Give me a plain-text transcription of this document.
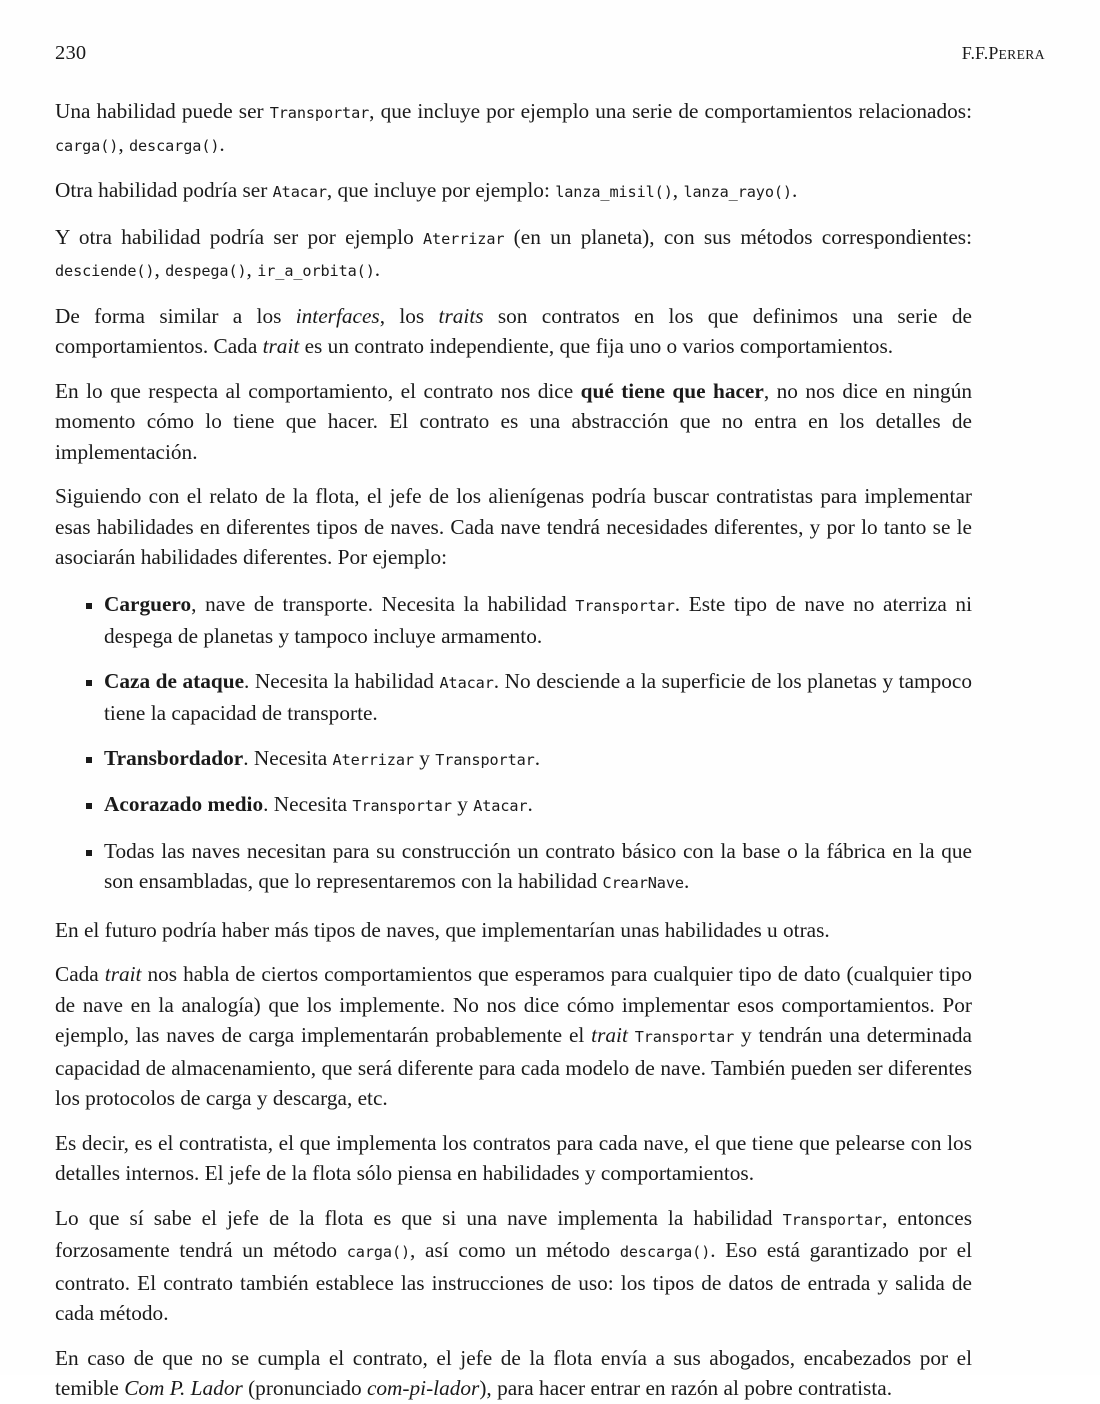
230	F.F.PERERA

Una habilidad puede ser Transportar, que incluye por ejemplo una serie de comportamientos relacionados: carga(), descarga().

Otra habilidad podría ser Atacar, que incluye por ejemplo: lanza_misil(), lanza_rayo().

Y otra habilidad podría ser por ejemplo Aterrizar (en un planeta), con sus métodos correspondientes: desciende(), despega(), ir_a_orbita().

De forma similar a los interfaces, los traits son contratos en los que definimos una serie de comportamientos. Cada trait es un contrato independiente, que fija uno o varios comportamientos.

En lo que respecta al comportamiento, el contrato nos dice qué tiene que hacer, no nos dice en ningún momento cómo lo tiene que hacer. El contrato es una abstracción que no entra en los detalles de implementación.

Siguiendo con el relato de la flota, el jefe de los alienígenas podría buscar contratistas para implementar esas habilidades en diferentes tipos de naves. Cada nave tendrá necesidades diferentes, y por lo tanto se le asociarán habilidades diferentes. Por ejemplo:

Carguero, nave de transporte. Necesita la habilidad Transportar. Este tipo de nave no aterriza ni despega de planetas y tampoco incluye armamento.
Caza de ataque. Necesita la habilidad Atacar. No desciende a la superficie de los planetas y tampoco tiene la capacidad de transporte.
Transbordador. Necesita Aterrizar y Transportar.
Acorazado medio. Necesita Transportar y Atacar.
Todas las naves necesitan para su construcción un contrato básico con la base o la fábrica en la que son ensambladas, que lo representaremos con la habilidad CrearNave.

En el futuro podría haber más tipos de naves, que implementarían unas habilidades u otras.

Cada trait nos habla de ciertos comportamientos que esperamos para cualquier tipo de dato (cualquier tipo de nave en la analogía) que los implemente. No nos dice cómo implementar esos comportamientos. Por ejemplo, las naves de carga implementarán probablemente el trait Transportar y tendrán una determinada capacidad de almacenamiento, que será diferente para cada modelo de nave. También pueden ser diferentes los protocolos de carga y descarga, etc.

Es decir, es el contratista, el que implementa los contratos para cada nave, el que tiene que pelearse con los detalles internos. El jefe de la flota sólo piensa en habilidades y comportamientos.

Lo que sí sabe el jefe de la flota es que si una nave implementa la habilidad Transportar, entonces forzosamente tendrá un método carga(), así como un método descarga(). Eso está garantizado por el contrato. El contrato también establece las instrucciones de uso: los tipos de datos de entrada y salida de cada método.

En caso de que no se cumpla el contrato, el jefe de la flota envía a sus abogados, encabezados por el temible Com P. Lador (pronunciado com-pi-lador), para hacer entrar en razón al pobre contratista.
